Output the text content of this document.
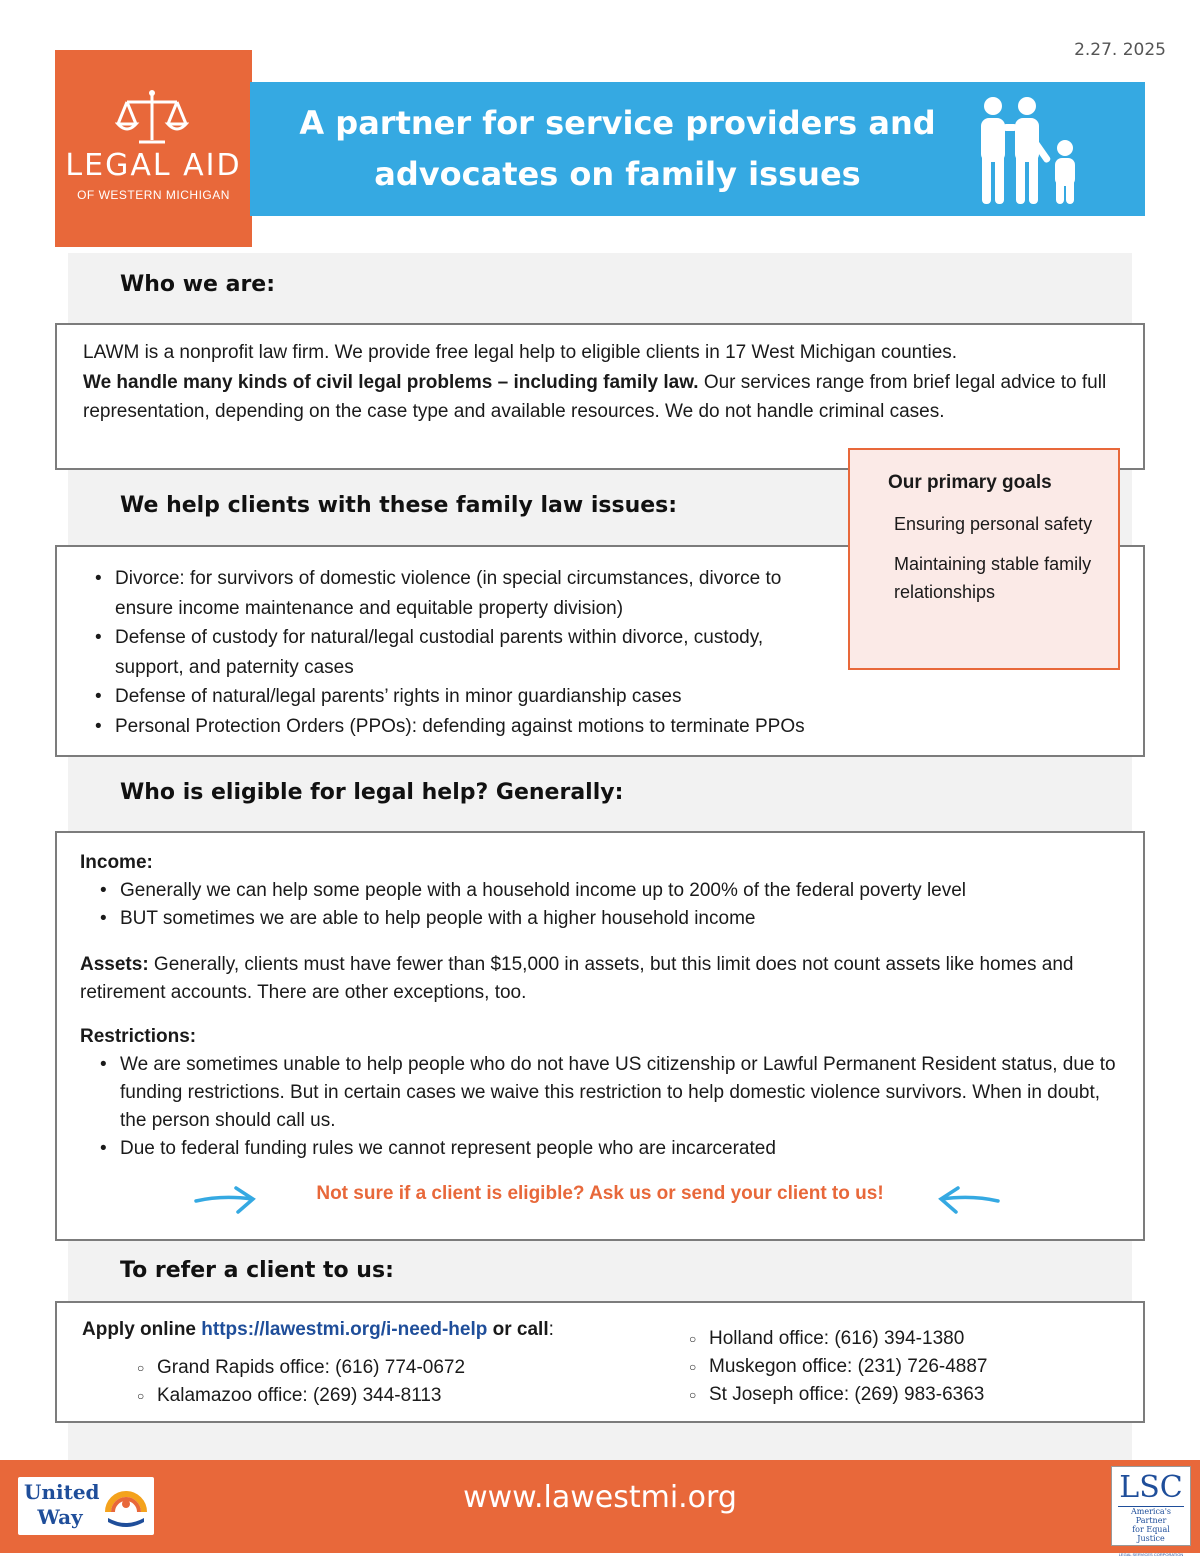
2.27. 2025
LEGAL AID
OF WESTERN MICHIGAN
A partner for service providers and
advocates on family issues
Who we are:
LAWM is a nonprofit law firm. We provide free legal help to eligible clients in 17 West Michigan counties.
We handle many kinds of civil legal problems – including family law. Our services range from brief legal advice to full representation, depending on the case type and available resources. We do not handle criminal cases.
We help clients with these family law issues:
• Divorce: for survivors of domestic violence (in special circumstances, divorce to ensure income maintenance and equitable property division)
• Defense of custody for natural/legal custodial parents within divorce, custody, support, and paternity cases
• Defense of natural/legal parents’ rights in minor guardianship cases
• Personal Protection Orders (PPOs): defending against motions to terminate PPOs
Our primary goals
Ensuring personal safety
Maintaining stable family relationships
Who is eligible for legal help? Generally:
Income:
• Generally we can help some people with a household income up to 200% of the federal poverty level
• BUT sometimes we are able to help people with a higher household income
Assets: Generally, clients must have fewer than $15,000 in assets, but this limit does not count assets like homes and retirement accounts. There are other exceptions, too.
Restrictions:
• We are sometimes unable to help people who do not have US citizenship or Lawful Permanent Resident status, due to funding restrictions. But in certain cases we waive this restriction to help domestic violence survivors. When in doubt, the person should call us.
• Due to federal funding rules we cannot represent people who are incarcerated
Not sure if a client is eligible? Ask us or send your client to us!
To refer a client to us:
Apply online https://lawestmi.org/i-need-help or call:
○ Grand Rapids office: (616) 774-0672
○ Kalamazoo office: (269) 344-8113
○ Holland office: (616) 394-1380
○ Muskegon office: (231) 726-4887
○ St Joseph office: (269) 983-6363
www.lawestmi.org
United
Way
LSC
America's Partner
for Equal Justice
LEGAL SERVICES CORPORATION
